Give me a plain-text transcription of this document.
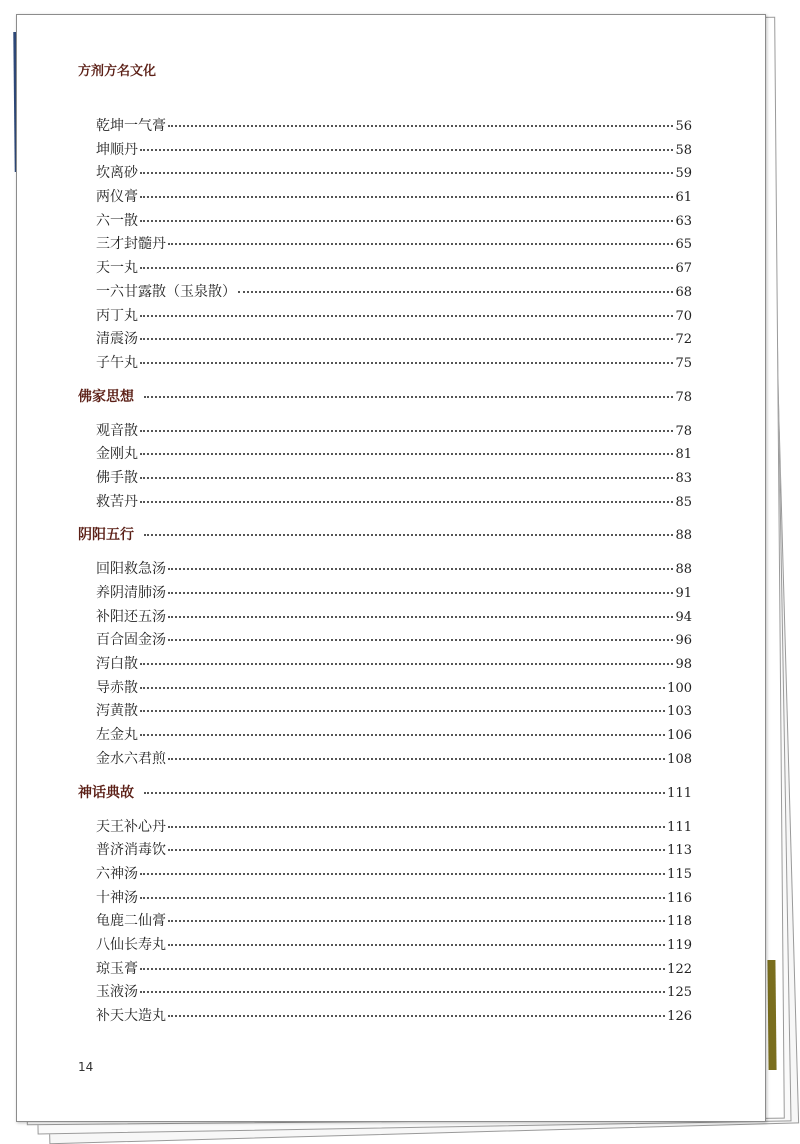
方剂方名文化
乾坤一气膏	56
坤顺丹	58
坎离砂	59
两仪膏	61
六一散	63
三才封髓丹	65
天一丸	67
一六甘露散（玉泉散）	68
丙丁丸	70
清震汤	72
子午丸	75
佛家思想	78
观音散	78
金刚丸	81
佛手散	83
救苦丹	85
阴阳五行	88
回阳救急汤	88
养阴清肺汤	91
补阳还五汤	94
百合固金汤	96
泻白散	98
导赤散	100
泻黄散	103
左金丸	106
金水六君煎	108
神话典故	111
天王补心丹	111
普济消毒饮	113
六神汤	115
十神汤	116
龟鹿二仙膏	118
八仙长寿丸	119
琼玉膏	122
玉液汤	125
补天大造丸	126
14
